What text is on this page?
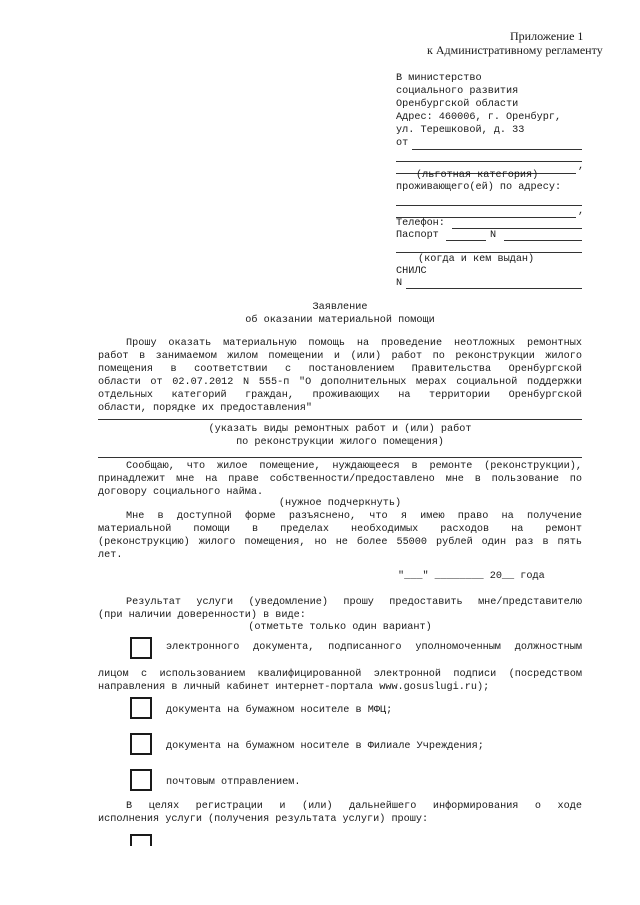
Приложение 1
к Административному регламенту
В министерство
социального развития
Оренбургской области
Адрес: 460006, г. Оренбург,
ул. Терешковой, д. 33
от
,
(льготная категория)
проживающего(ей) по адресу:
,
Телефон:
Паспорт	N
(когда и кем выдан)
СНИЛС
N
Заявление
об оказании материальной помощи
Прошу оказать материальную помощь на проведение неотложных ремонтных
работ в занимаемом жилом помещении и (или) работ по реконструкции жилого
помещения в соответствии с постановлением Правительства Оренбургской
области от 02.07.2012 N 555-п "О дополнительных мерах социальной поддержки
отдельных категорий граждан, проживающих на территории Оренбургской
области, порядке их предоставления"
(указать виды ремонтных работ и (или) работ
по реконструкции жилого помещения)
Сообщаю, что жилое помещение, нуждающееся в ремонте (реконструкции),
принадлежит мне на праве собственности/предоставлено мне в пользование по
договору социального найма.
(нужное подчеркнуть)
Мне в доступной форме разъяснено, что я имею право на получение
материальной помощи в пределах необходимых расходов на ремонт
(реконструкцию) жилого помещения, но не более 55000 рублей один раз в пять
лет.
"___" ________ 20__ года
Результат услуги (уведомление) прошу предоставить мне/представителю
(при наличии доверенности) в виде:
(отметьте только один вариант)
электронного документа, подписанного уполномоченным должностным
лицом с использованием квалифицированной электронной подписи (посредством
направления в личный кабинет интернет-портала www.gosuslugi.ru);
документа на бумажном носителе в МФЦ;
документа на бумажном носителе в Филиале Учреждения;
почтовым отправлением.
В целях регистрации и (или) дальнейшего информирования о ходе
исполнения услуги (получения результата услуги) прошу:
